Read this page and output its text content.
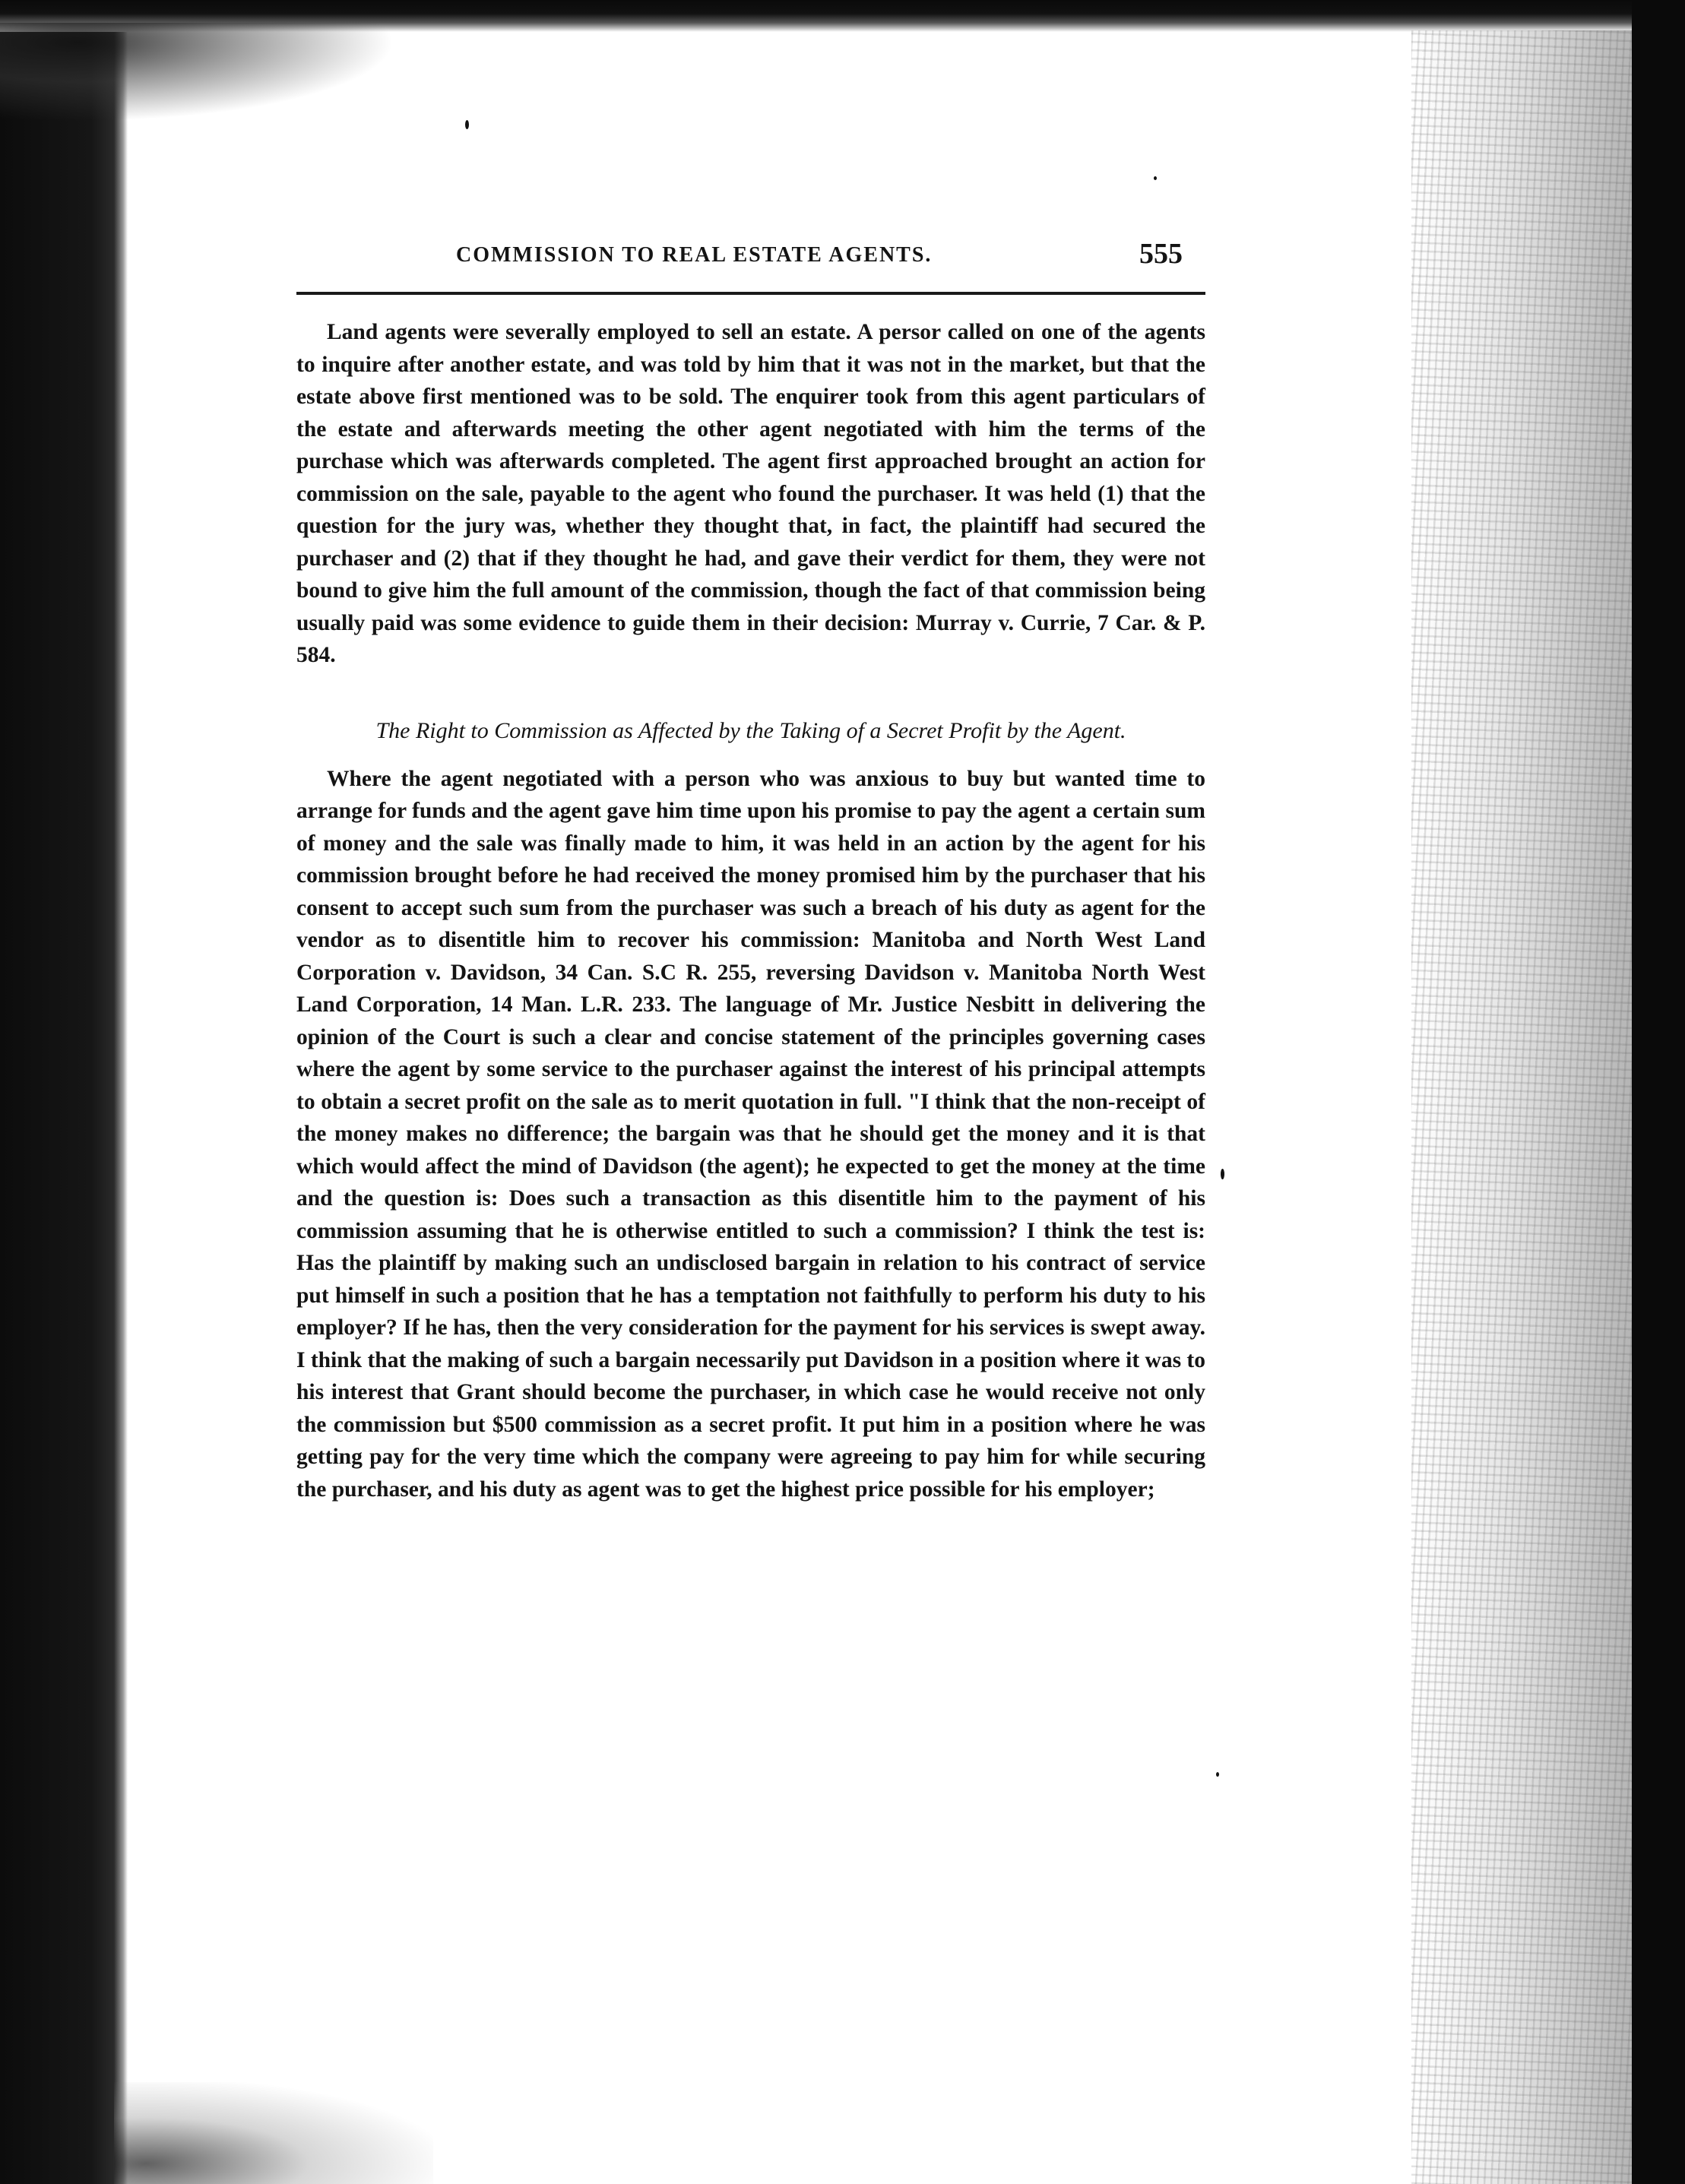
COMMISSION TO REAL ESTATE AGENTS.	555

Land agents were severally employed to sell an estate. A persor called on one of the agents to inquire after another estate, and was told by him that it was not in the market, but that the estate above first mentioned was to be sold. The enquirer took from this agent particulars of the estate and afterwards meeting the other agent negotiated with him the terms of the purchase which was afterwards completed. The agent first approached brought an action for commission on the sale, payable to the agent who found the purchaser. It was held (1) that the question for the jury was, whether they thought that, in fact, the plaintiff had secured the purchaser and (2) that if they thought he had, and gave their verdict for them, they were not bound to give him the full amount of the commission, though the fact of that commission being usually paid was some evidence to guide them in their decision: Murray v. Currie, 7 Car. & P. 584.

The Right to Commission as Affected by the Taking of a Secret Profit by the Agent.

Where the agent negotiated with a person who was anxious to buy but wanted time to arrange for funds and the agent gave him time upon his promise to pay the agent a certain sum of money and the sale was finally made to him, it was held in an action by the agent for his commission brought before he had received the money promised him by the purchaser that his consent to accept such sum from the purchaser was such a breach of his duty as agent for the vendor as to disentitle him to recover his commission: Manitoba and North West Land Corporation v. Davidson, 34 Can. S.C R. 255, reversing Davidson v. Manitoba North West Land Corporation, 14 Man. L.R. 233. The language of Mr. Justice Nesbitt in delivering the opinion of the Court is such a clear and concise statement of the principles governing cases where the agent by some service to the purchaser against the interest of his principal attempts to obtain a secret profit on the sale as to merit quotation in full. "I think that the non-receipt of the money makes no difference; the bargain was that he should get the money and it is that which would affect the mind of Davidson (the agent); he expected to get the money at the time and the question is: Does such a transaction as this disentitle him to the payment of his commission assuming that he is otherwise entitled to such a commission? I think the test is: Has the plaintiff by making such an undisclosed bargain in relation to his contract of service put himself in such a position that he has a temptation not faithfully to perform his duty to his employer? If he has, then the very consideration for the payment for his services is swept away. I think that the making of such a bargain necessarily put Davidson in a position where it was to his interest that Grant should become the purchaser, in which case he would receive not only the commission but $500 commission as a secret profit. It put him in a position where he was getting pay for the very time which the company were agreeing to pay him for while securing the purchaser, and his duty as agent was to get the highest price possible for his employer;
